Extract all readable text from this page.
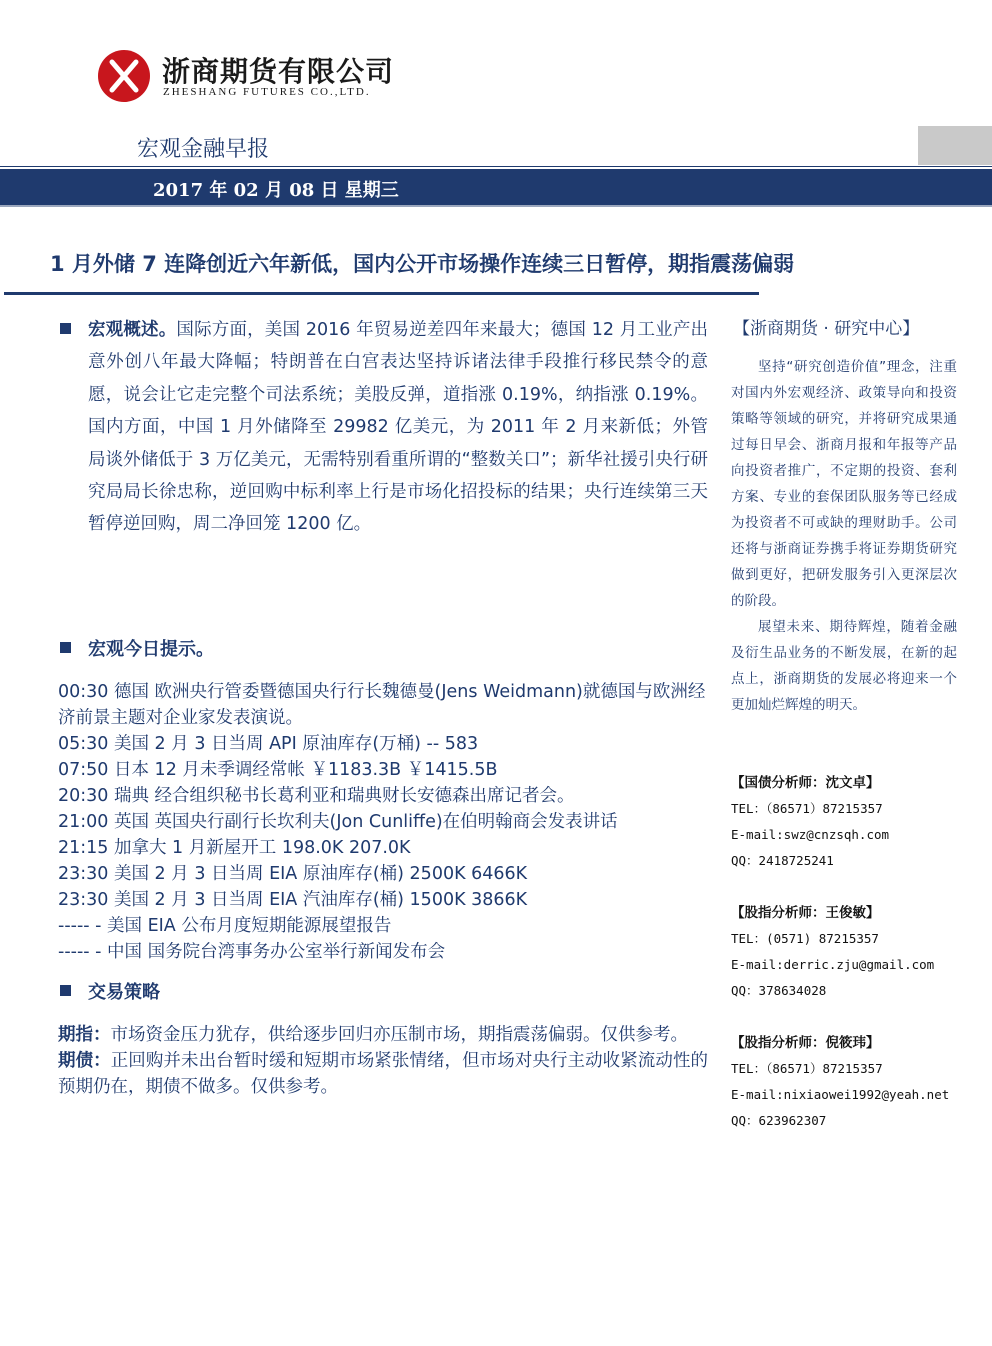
浙商期货有限公司
ZHESHANG FUTURES CO.,LTD.
宏观金融早报
2017 年 02 月 08 日 星期三
1 月外储 7 连降创近六年新低，国内公开市场操作连续三日暂停，期指震荡偏弱
宏观概述。国际方面，美国 2016 年贸易逆差四年来最大；德国 12 月工业产出意外创八年最大降幅；特朗普在白宫表达坚持诉诸法律手段推行移民禁令的意愿，说会让它走完整个司法系统；美股反弹，道指涨 0.19%，纳指涨 0.19%。国内方面，中国 1 月外储降至 29982 亿美元，为 2011 年 2 月来新低；外管局谈外储低于 3 万亿美元，无需特别看重所谓的“整数关口”；新华社援引央行研究局局长徐忠称，逆回购中标利率上行是市场化招投标的结果；央行连续第三天暂停逆回购，周二净回笼 1200 亿。
宏观今日提示。
00:30 德国 欧洲央行管委暨德国央行行长魏德曼(Jens Weidmann)就德国与欧洲经济前景主题对企业家发表演说。
05:30 美国 2 月 3 日当周 API 原油库存(万桶) -- 583
07:50 日本 12 月未季调经常帐 ￥1183.3B ￥1415.5B
20:30 瑞典 经合组织秘书长葛利亚和瑞典财长安德森出席记者会。
21:00 英国 英国央行副行长坎利夫(Jon Cunliffe)在伯明翰商会发表讲话
21:15 加拿大 1 月新屋开工 198.0K 207.0K
23:30 美国 2 月 3 日当周 EIA 原油库存(桶) 2500K 6466K
23:30 美国 2 月 3 日当周 EIA 汽油库存(桶) 1500K 3866K
----- - 美国 EIA 公布月度短期能源展望报告
----- - 中国 国务院台湾事务办公室举行新闻发布会
交易策略

期指：市场资金压力犹存，供给逐步回归亦压制市场，期指震荡偏弱。仅供参考。

期债：正回购并未出台暂时缓和短期市场紧张情绪，但市场对央行主动收紧流动性的预期仍在，期债不做多。仅供参考。

【浙商期货 · 研究中心】
坚持“研究创造价值”理念，注重对国内外宏观经济、政策导向和投资策略等领域的研究，并将研究成果通过每日早会、浙商月报和年报等产品向投资者推广，不定期的投资、套利方案、专业的套保团队服务等已经成为投资者不可或缺的理财助手。公司还将与浙商证券携手将证券期货研究做到更好，把研发服务引入更深层次的阶段。
展望未来、期待辉煌，随着金融及衍生品业务的不断发展，在新的起点上，浙商期货的发展必将迎来一个更加灿烂辉煌的明天。
【国债分析师：沈文卓】
TEL：（86571）87215357
E-mail:swz@cnzsqh.com
QQ：2418725241
【股指分析师：王俊敏】
TEL：(0571) 87215357
E-mail:derric.zju@gmail.com
QQ：378634028
【股指分析师：倪筱玮】
TEL：（86571）87215357
E-mail:nixiaowei1992@yeah.net
QQ：623962307
